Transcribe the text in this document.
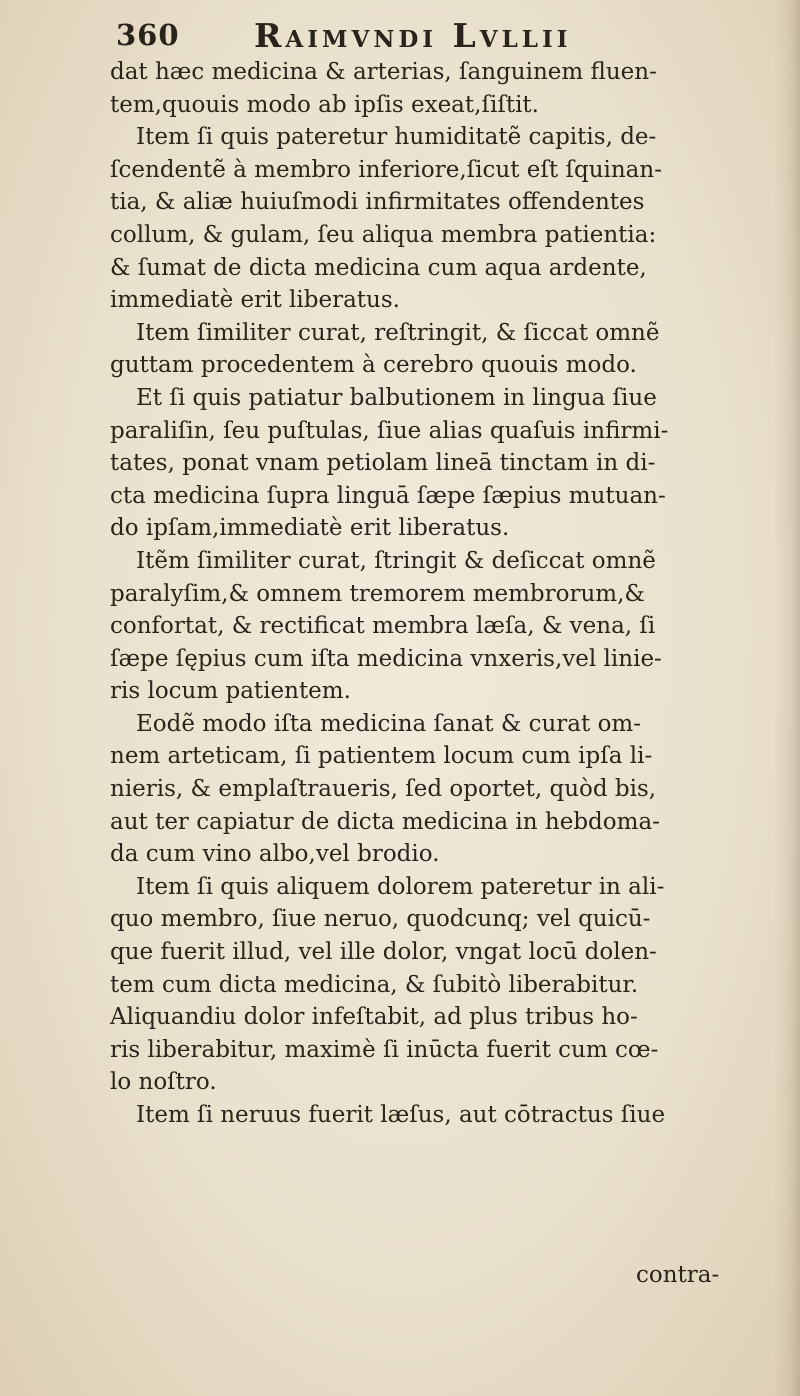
360 Raimvndi Lvllii
dat hæc medicina & arterias, ſanguinem fluen-
tem,quouis modo ab ipſis exeat,ſiſtit.
Item ſi quis pateretur humiditatẽ capitis, de-
ſcendentẽ à membro inferiore,ſicut eſt ſquinan-
tia, & aliæ huiuſmodi infirmitates offendentes
collum, & gulam, ſeu aliqua membra patientia:
& ſumat de dicta medicina cum aqua ardente,
immediatè erit liberatus.
Item ſimiliter curat, reſtringit, & ſiccat omnẽ
guttam procedentem à cerebro quouis modo.
Et ſi quis patiatur balbutionem in lingua ſiue
paraliſin, ſeu puſtulas, ſiue alias quaſuis infirmi-
tates, ponat vnam petiolam lineā tinctam in di-
cta medicina ſupra linguā ſæpe ſæpius mutuan-
do ipſam,immediatè erit liberatus.
Itẽm ſimiliter curat, ſtringit & deſiccat omnẽ
paralyſim,& omnem tremorem membrorum,&
confortat, & rectificat membra læſa, & vena, ſi
ſæpe ſępius cum iſta medicina vnxeris,vel linie-
ris locum patientem.
Eodẽ modo iſta medicina ſanat & curat om-
nem arteticam, ſi patientem locum cum ipſa li-
nieris, & emplaſtraueris, ſed oportet, quòd bis,
aut ter capiatur de dicta medicina in hebdoma-
da cum vino albo,vel brodio.
Item ſi quis aliquem dolorem pateretur in ali-
quo membro, ſiue neruo, quodcunq; vel quicū-
que fuerit illud, vel ille dolor, vngat locū dolen-
tem cum dicta medicina, & ſubitò liberabitur.
Aliquandiu dolor infeſtabit, ad plus tribus ho-
ris liberabitur, maximè ſi inūcta fuerit cum cœ-
lo noſtro.
Item ſi neruus fuerit læſus, aut cōtractus ſiue
contra-
